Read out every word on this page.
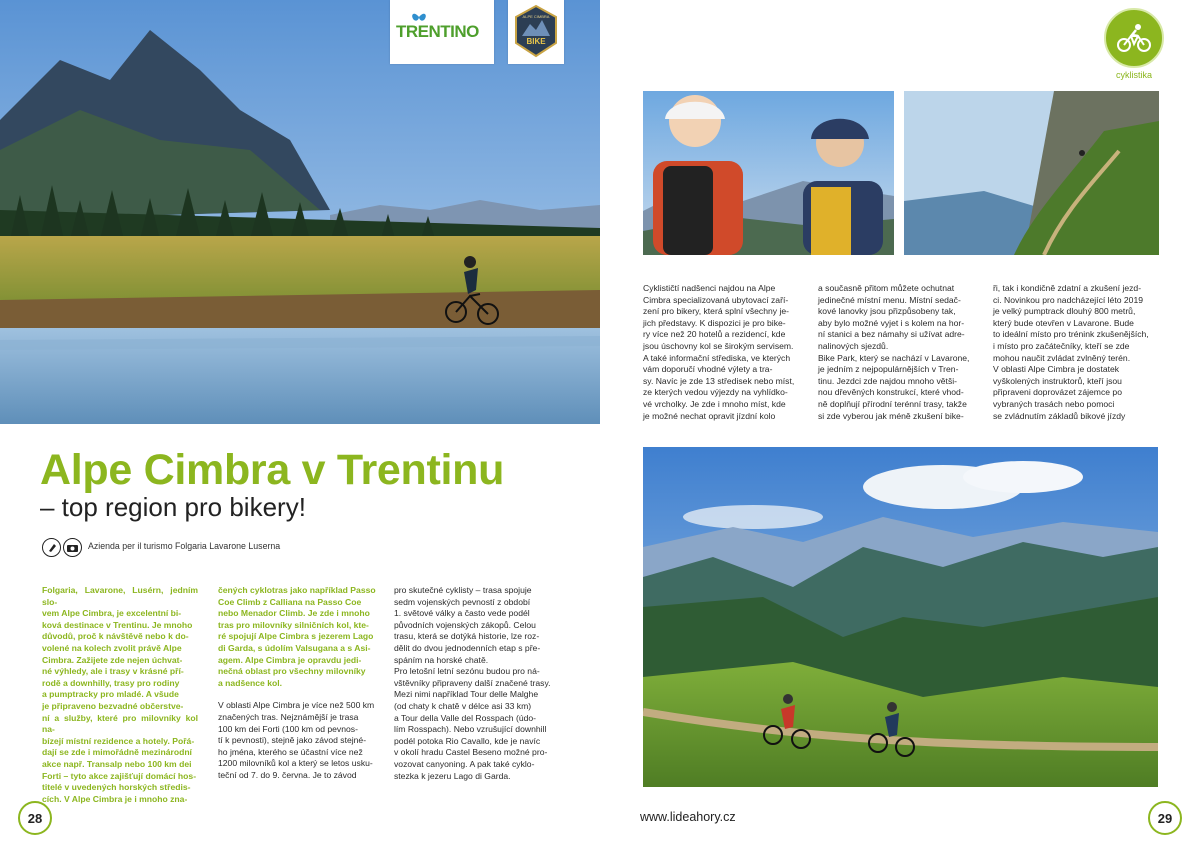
TRENTINO
ALPE CIMBRA
BIKE
Alpe Cimbra v Trentinu
– top region pro bikery!
Azienda per il turismo Folgaria Lavarone Luserna

Folgaria, Lavarone, Lusérn, jedním slo-

vem Alpe Cimbra, je excelentní bi-

ková destinace v Trentinu. Je mnoho

důvodů, proč k návštěvě nebo k do-

volené na kolech zvolit právě Alpe

Cimbra. Zažijete zde nejen úchvat-

né výhledy, ale i trasy v krásné pří-

rodě a downhilly, trasy pro rodiny

a pumptracky pro mladé. A všude

je připraveno bezvadné občerstve-

ní a služby, které pro milovníky kol na-

bízejí místní rezidence a hotely. Pořá-

dají se zde i mimořádně mezinárodní

akce např. Transalp nebo 100 km dei

Forti – tyto akce zajišťují domácí hos-

titelé v uvedených horských středis-

cích. V Alpe Cimbra je i mnoho zna-

čených cyklotras jako například Passo

Coe Climb z Calliana na Passo Coe

nebo Menador Climb. Je zde i mnoho

tras pro milovníky silničních kol, kte-

ré spojují Alpe Cimbra s jezerem Lago

di Garda, s údolím Valsugana a s Asi-

agem. Alpe Cimbra je opravdu jedi-

nečná oblast pro všechny milovníky

a nadšence kol.

V oblasti Alpe Cimbra je více než 500 km

značených tras. Nejznámější je trasa

100 km dei Forti (100 km od pevnos-

tí k pevnosti), stejně jako závod stejné-

ho jména, kterého se účastní více než

1200 milovníků kol a který se letos usku-

teční od 7. do 9. června. Je to závod

pro skutečné cyklisty – trasa spojuje

sedm vojenských pevností z období

1. světové války a často vede podél

původních vojenských zákopů. Celou

trasu, která se dotýká historie, lze roz-

dělit do dvou jednodenních etap s pře-

spáním na horské chatě.

Pro letošní letní sezónu budou pro ná-

vštěvníky připraveny další značené trasy.

Mezi nimi například Tour delle Malghe

(od chaty k chatě v délce asi 33 km)

a Tour della Valle del Rosspach (údo-

lím Rosspach). Nebo vzrušující downhill

podél potoka Rio Cavallo, kde je navíc

v okolí hradu Castel Beseno možné pro-

vozovat canyoning. A pak také cyklo-

stezka k jezeru Lago di Garda.

28
cyklistika

Cyklističtí nadšenci najdou na Alpe

Cimbra specializovaná ubytovací zaří-

zení pro bikery, která splní všechny je-

jich představy. K dispozici je pro bike-

ry více než 20 hotelů a rezidencí, kde

jsou úschovny kol se širokým servisem.

A také informační střediska, ve kterých

vám doporučí vhodné výlety a tra-

sy. Navíc je zde 13 středisek nebo míst,

ze kterých vedou výjezdy na vyhlídko-

vé vrcholky. Je zde i mnoho míst, kde

je možné nechat opravit jízdní kolo

a současně přitom můžete ochutnat

jedinečné místní menu. Místní sedač-

kové lanovky jsou přizpůsobeny tak,

aby bylo možné vyjet i s kolem na hor-

ní stanici a bez námahy si užívat adre-

nalinových sjezdů.

Bike Park, který se nachází v Lavarone,

je jedním z nejpopulárnějších v Tren-

tinu. Jezdci zde najdou mnoho větši-

nou dřevěných konstrukcí, které vhod-

ně doplňují přírodní terénní trasy, takže

si zde vyberou jak méně zkušení bike-

ři, tak i kondičně zdatní a zkušení jezd-

ci. Novinkou pro nadcházející léto 2019

je velký pumptrack dlouhý 800 metrů,

který bude otevřen v Lavarone. Bude

to ideální místo pro trénink zkušenějších,

i místo pro začátečníky, kteří se zde

mohou naučit zvládat zvlněný terén.

V oblasti Alpe Cimbra je dostatek

vyškolených instruktorů, kteří jsou

připraveni doprovázet zájemce po

vybraných trasách nebo pomoci

se zvládnutím základů bikové jízdy

www.lideahory.cz	29
